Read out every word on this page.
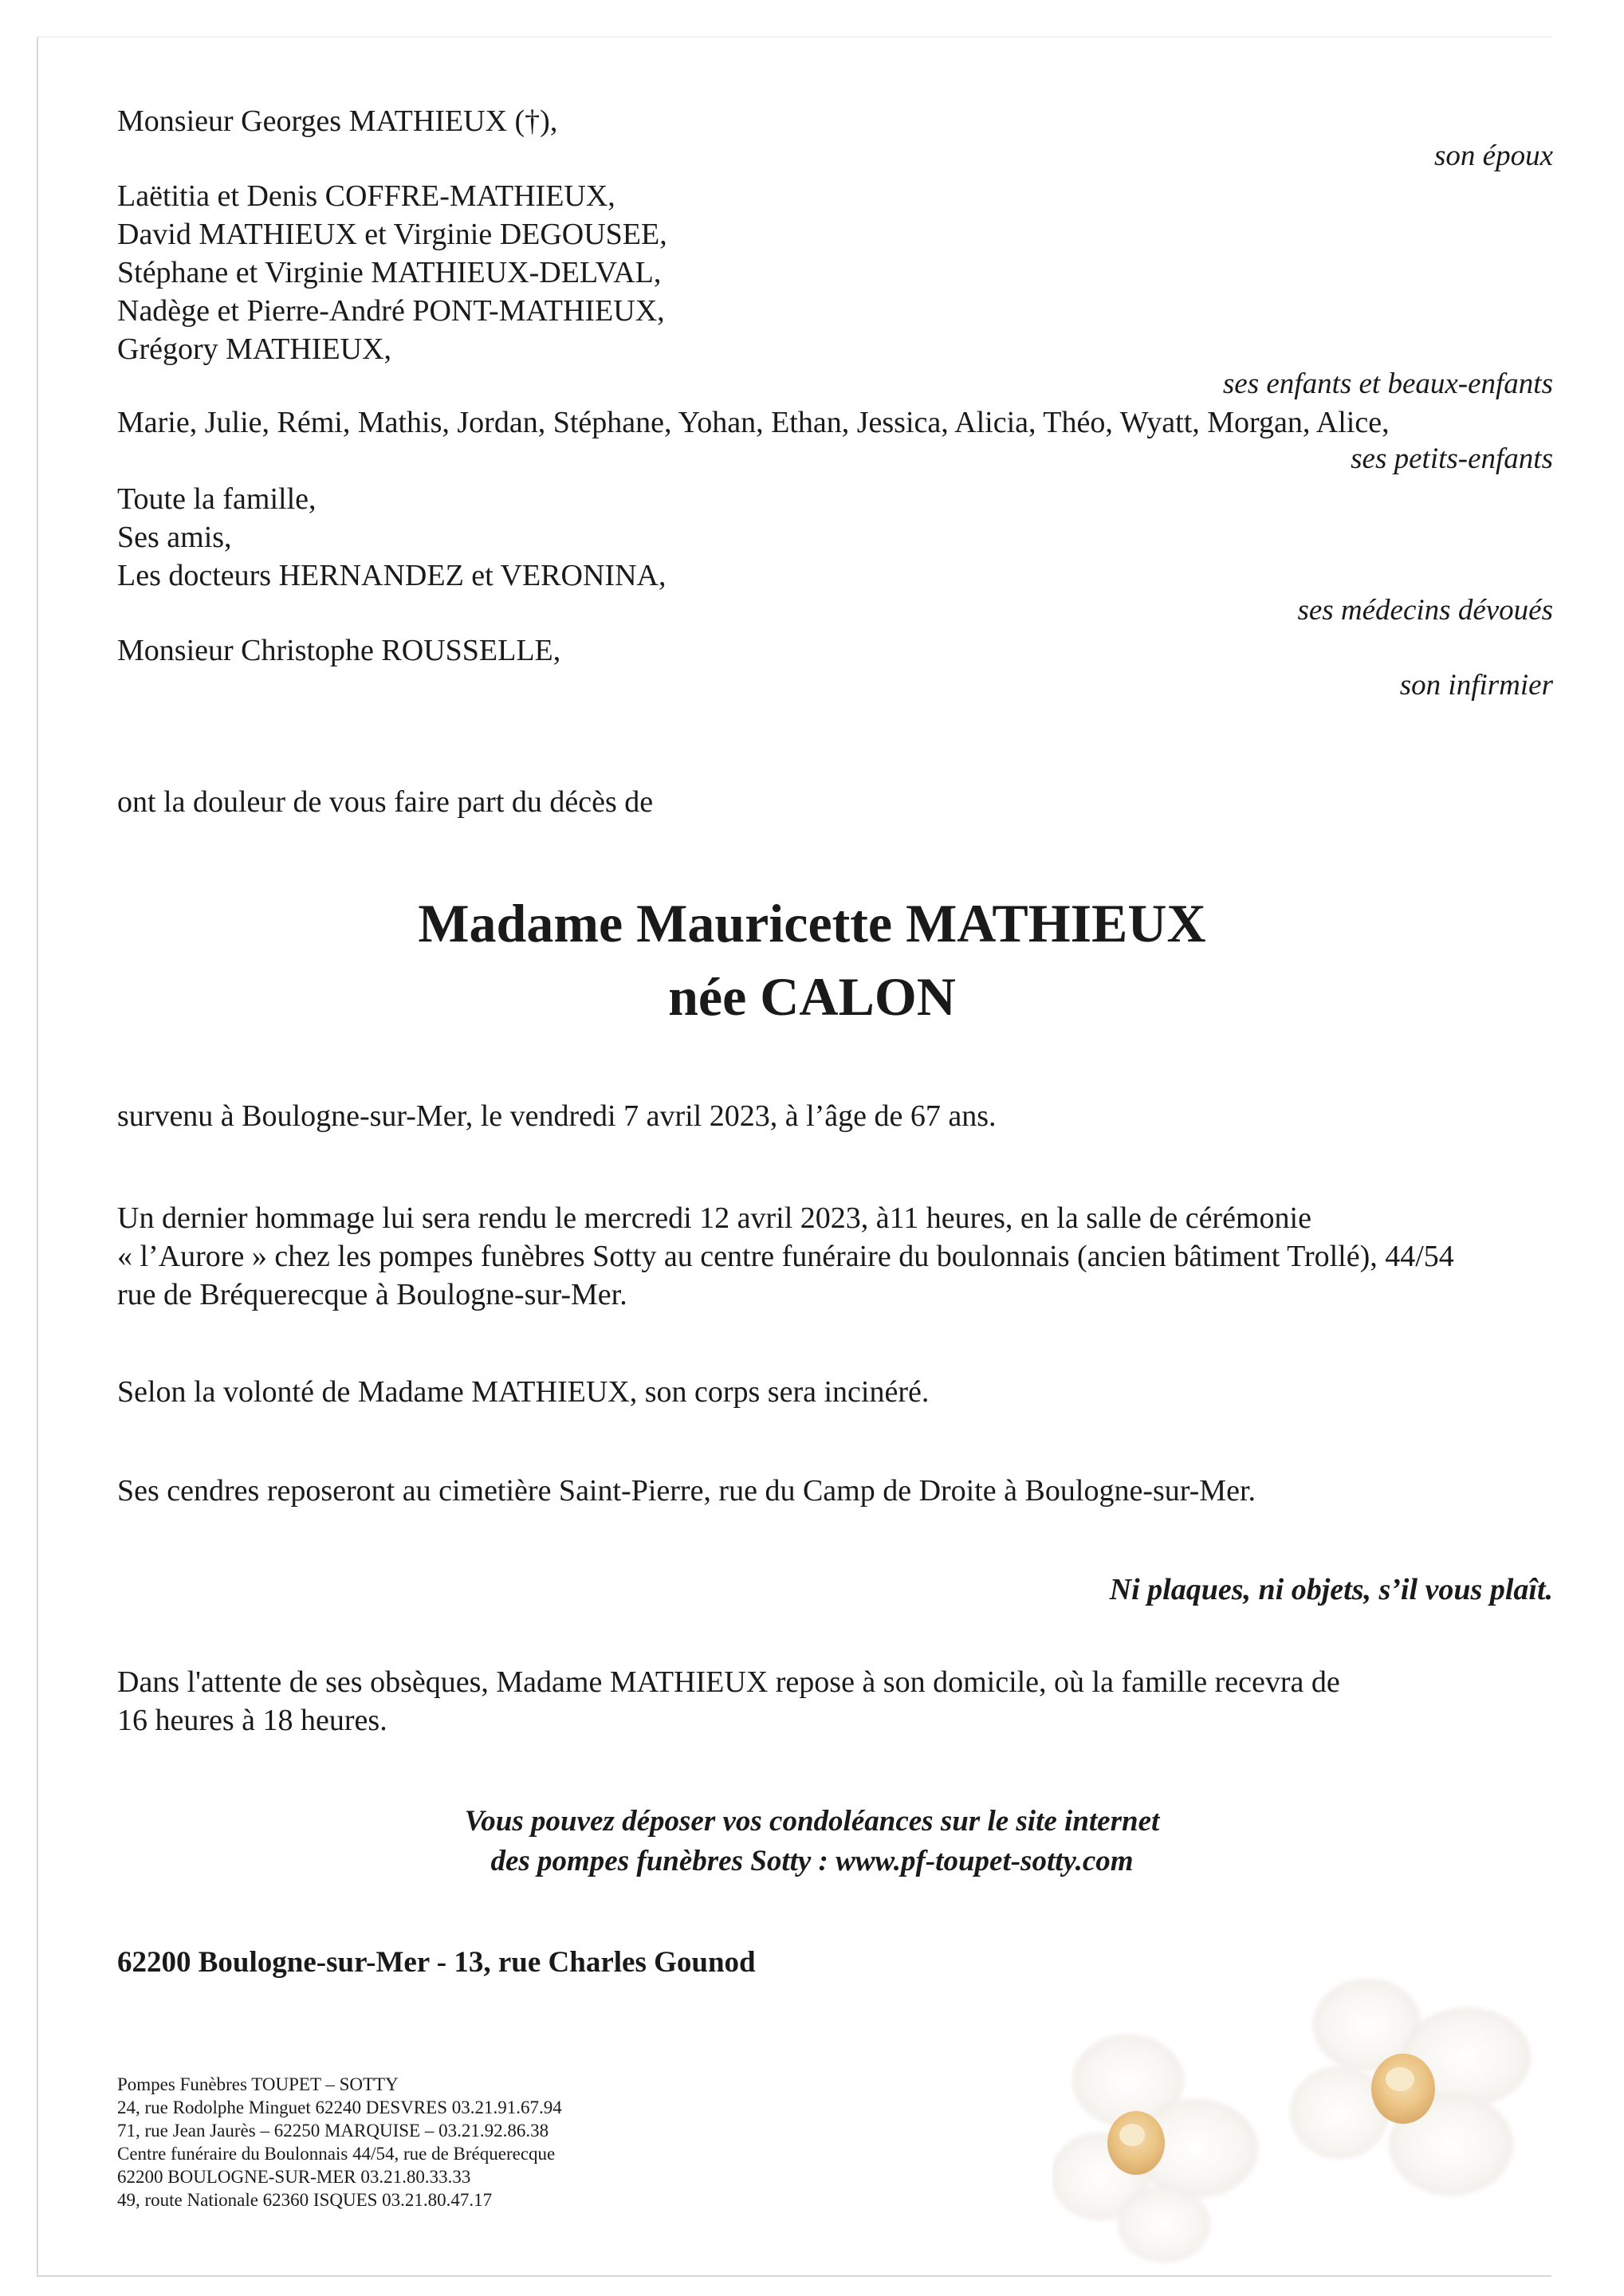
Monsieur Georges MATHIEUX (†),
son époux
Laëtitia et Denis COFFRE-MATHIEUX,
David MATHIEUX et Virginie DEGOUSEE,
Stéphane et Virginie MATHIEUX-DELVAL,
Nadège et Pierre-André PONT-MATHIEUX,
Grégory MATHIEUX,
ses enfants et beaux-enfants
Marie, Julie, Rémi, Mathis, Jordan, Stéphane, Yohan, Ethan, Jessica, Alicia, Théo, Wyatt, Morgan, Alice,
ses petits-enfants
Toute la famille,
Ses amis,
Les docteurs HERNANDEZ et VERONINA,
ses médecins dévoués
Monsieur Christophe ROUSSELLE,
son infirmier
ont la douleur de vous faire part du décès de
Madame Mauricette MATHIEUX
née CALON
survenu à Boulogne-sur-Mer, le vendredi 7 avril 2023, à l’âge de 67 ans.
Un dernier hommage lui sera rendu le mercredi 12 avril 2023, à11 heures, en la salle de cérémonie
« l’Aurore » chez les pompes funèbres Sotty au centre funéraire du boulonnais (ancien bâtiment Trollé), 44/54
rue de Bréquerecque à Boulogne-sur-Mer.
Selon la volonté de Madame MATHIEUX, son corps sera incinéré.
Ses cendres reposeront au cimetière Saint-Pierre, rue du Camp de Droite à Boulogne-sur-Mer.
Ni plaques, ni objets, s’il vous plaît.
Dans l'attente de ses obsèques, Madame MATHIEUX repose à son domicile, où la famille recevra de
16 heures à 18 heures.
Vous pouvez déposer vos condoléances sur le site internet
des pompes funèbres Sotty : www.pf-toupet-sotty.com
62200 Boulogne-sur-Mer - 13, rue Charles Gounod
Pompes Funèbres TOUPET – SOTTY
24, rue Rodolphe Minguet 62240 DESVRES 03.21.91.67.94
71, rue Jean Jaurès – 62250 MARQUISE – 03.21.92.86.38
Centre funéraire du Boulonnais 44/54, rue de Bréquerecque
62200 BOULOGNE-SUR-MER 03.21.80.33.33
49, route Nationale 62360 ISQUES 03.21.80.47.17
